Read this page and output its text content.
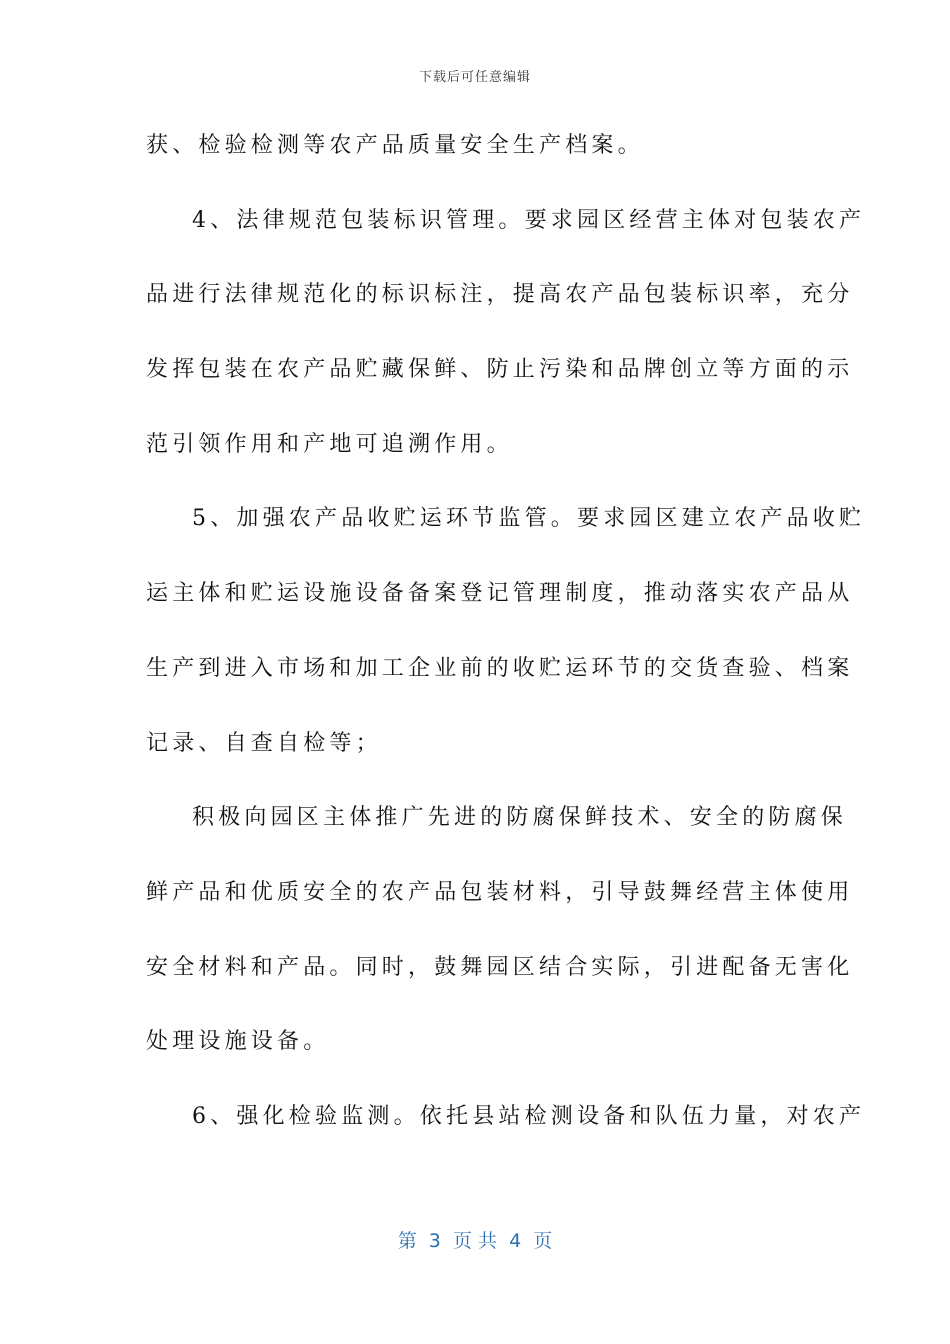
下载后可任意编辑
获、检验检测等农产品质量安全生产档案。
4、法律规范包装标识管理。要求园区经营主体对包装农产
品进行法律规范化的标识标注，提高农产品包装标识率，充分
发挥包装在农产品贮藏保鲜、防止污染和品牌创立等方面的示
范引领作用和产地可追溯作用。
5、加强农产品收贮运环节监管。要求园区建立农产品收贮
运主体和贮运设施设备备案登记管理制度，推动落实农产品从
生产到进入市场和加工企业前的收贮运环节的交货查验、档案
记录、自查自检等；
积极向园区主体推广先进的防腐保鲜技术、安全的防腐保
鲜产品和优质安全的农产品包装材料，引导鼓舞经营主体使用
安全材料和产品。同时，鼓舞园区结合实际，引进配备无害化
处理设施设备。
6、强化检验监测。依托县站检测设备和队伍力量，对农产
第  3  页 共  4  页
